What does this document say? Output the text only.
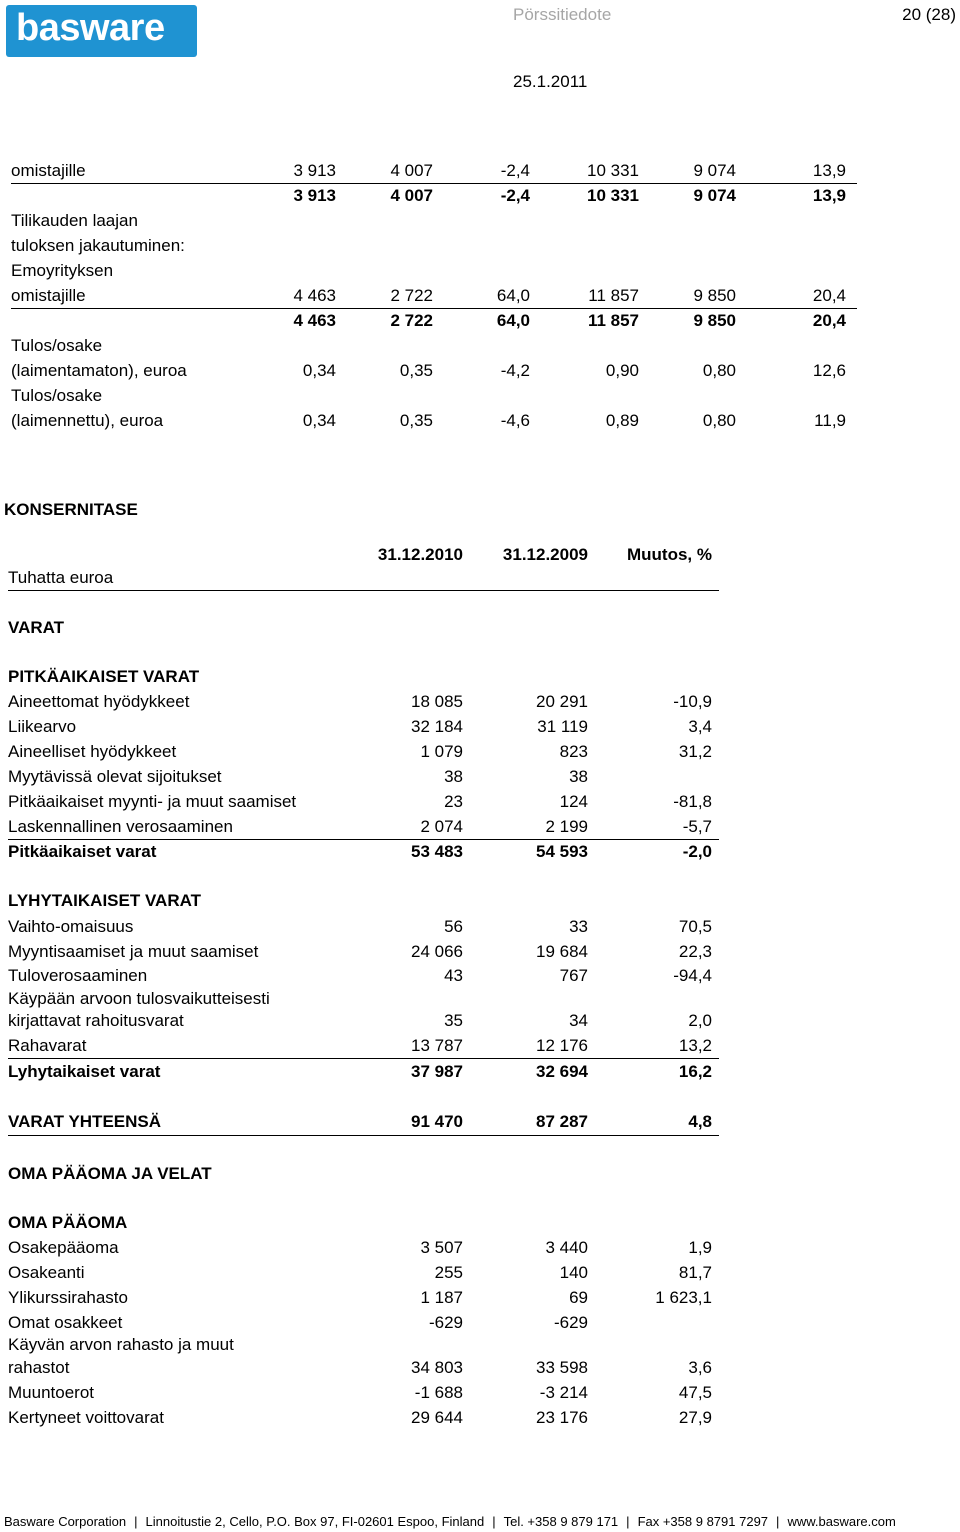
basware	Pörssitiedote	20 (28)
25.1.2011
omistajille	3 913	4 007	-2,4	10 331	9 074	13,9
3 913	4 007	-2,4	10 331	9 074	13,9
Tilikauden laajan
tuloksen jakautuminen:
Emoyrityksen
omistajille	4 463	2 722	64,0	11 857	9 850	20,4
4 463	2 722	64,0	11 857	9 850	20,4
Tulos/osake
(laimentamaton), euroa	0,34	0,35	-4,2	0,90	0,80	12,6
Tulos/osake
(laimennettu), euroa	0,34	0,35	-4,6	0,89	0,80	11,9
KONSERNITASE
Tuhatta euroa
31.12.2010 31.12.2009 Muutos, %
VARAT
PITKÄAIKAISET VARAT
Aineettomat hyödykkeet	18 085	20 291	-10,9
Liikearvo	32 184	31 119	3,4
Aineelliset hyödykkeet	1 079	823	31,2
Myytävissä olevat sijoitukset	38	38
Pitkäaikaiset myynti- ja muut saamiset	23	124	-81,8
Laskennallinen verosaaminen	2 074	2 199	-5,7
Pitkäaikaiset varat	53 483	54 593	-2,0
LYHYTAIKAISET VARAT
Vaihto-omaisuus	56	33	70,5
Myyntisaamiset ja muut saamiset	24 066	19 684	22,3
Tuloverosaaminen	43	767	-94,4
Käypään arvoon tulosvaikutteisesti
kirjattavat rahoitusvarat	35	34	2,0
Rahavarat	13 787	12 176	13,2
Lyhytaikaiset varat	37 987	32 694	16,2
VARAT YHTEENSÄ	91 470	87 287	4,8
OMA PÄÄOMA JA VELAT
OMA PÄÄOMA
Osakepääoma	3 507	3 440	1,9
Osakeanti	255	140	81,7
Ylikurssirahasto	1 187	69	1 623,1
Omat osakkeet	-629	-629
Käyvän arvon rahasto ja muut
rahastot	34 803	33 598	3,6
Muuntoerot	-1 688	-3 214	47,5
Kertyneet voittovarat	29 644	23 176	27,9
Basware Corporation | Linnoitustie 2, Cello, P.O. Box 97, FI-02601 Espoo, Finland | Tel. +358 9 879 171 | Fax +358 9 8791 7297 | www.basware.com
